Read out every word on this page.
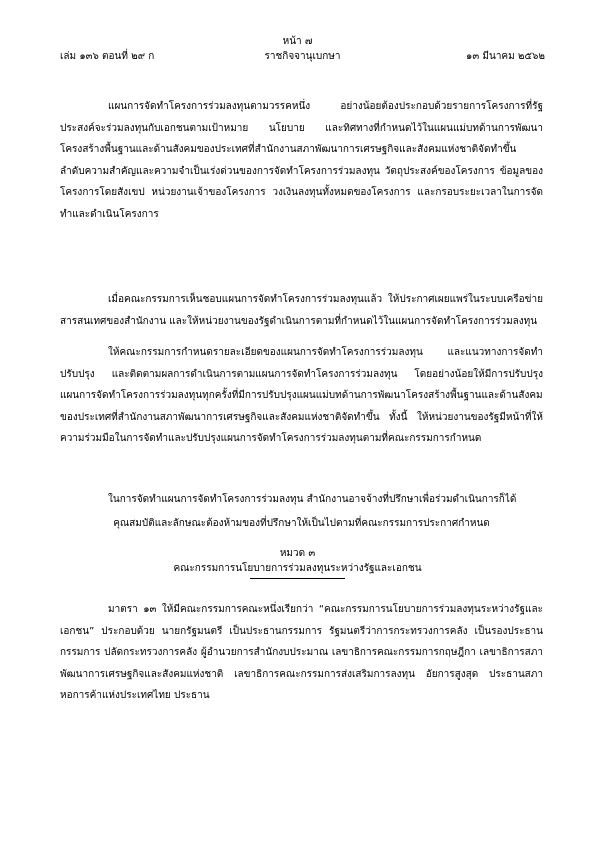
หน้า ๗
เล่ม ๑๓๖ ตอนที่ ๒๙ ก	ราชกิจจานุเบกษา	๑๓ มีนาคม ๒๕๖๒

แผนการจัดทำโครงการร่วมลงทุนตามวรรคหนึ่ง อย่างน้อยต้องประกอบด้วยรายการโครงการที่รัฐประสงค์จะร่วมลงทุนกับเอกชนตามเป้าหมาย นโยบาย และทิศทางที่กำหนดไว้ในแผนแม่บทด้านการพัฒนาโครงสร้างพื้นฐานและด้านสังคมของประเทศที่สำนักงานสภาพัฒนาการเศรษฐกิจและสังคมแห่งชาติจัดทำขึ้น ลำดับความสำคัญและความจำเป็นเร่งด่วนของการจัดทำโครงการร่วมลงทุน วัตถุประสงค์ของโครงการ ข้อมูลของโครงการโดยสังเขป หน่วยงานเจ้าของโครงการ วงเงินลงทุนทั้งหมดของโครงการ และกรอบระยะเวลาในการจัดทำและดำเนินโครงการ

เมื่อคณะกรรมการเห็นชอบแผนการจัดทำโครงการร่วมลงทุนแล้ว ให้ประกาศเผยแพร่ในระบบเครือข่ายสารสนเทศของสำนักงาน และให้หน่วยงานของรัฐดำเนินการตามที่กำหนดไว้ในแผนการจัดทำโครงการร่วมลงทุน

ให้คณะกรรมการกำหนดรายละเอียดของแผนการจัดทำโครงการร่วมลงทุน และแนวทางการจัดทำ ปรับปรุง และติดตามผลการดำเนินการตามแผนการจัดทำโครงการร่วมลงทุน โดยอย่างน้อยให้มีการปรับปรุงแผนการจัดทำโครงการร่วมลงทุนทุกครั้งที่มีการปรับปรุงแผนแม่บทด้านการพัฒนาโครงสร้างพื้นฐานและด้านสังคมของประเทศที่สำนักงานสภาพัฒนาการเศรษฐกิจและสังคมแห่งชาติจัดทำขึ้น ทั้งนี้ ให้หน่วยงานของรัฐมีหน้าที่ให้ความร่วมมือในการจัดทำและปรับปรุงแผนการจัดทำโครงการร่วมลงทุนตามที่คณะกรรมการกำหนด

ในการจัดทำแผนการจัดทำโครงการร่วมลงทุน สำนักงานอาจจ้างที่ปรึกษาเพื่อร่วมดำเนินการก็ได้

คุณสมบัติและลักษณะต้องห้ามของที่ปรึกษาให้เป็นไปตามที่คณะกรรมการประกาศกำหนด

หมวด ๓
คณะกรรมการนโยบายการร่วมลงทุนระหว่างรัฐและเอกชน

มาตรา ๑๓ ให้มีคณะกรรมการคณะหนึ่งเรียกว่า “คณะกรรมการนโยบายการร่วมลงทุนระหว่างรัฐและเอกชน” ประกอบด้วย นายกรัฐมนตรี เป็นประธานกรรมการ รัฐมนตรีว่าการกระทรวงการคลัง เป็นรองประธานกรรมการ ปลัดกระทรวงการคลัง ผู้อำนวยการสำนักงบประมาณ เลขาธิการคณะกรรมการกฤษฎีกา เลขาธิการสภาพัฒนาการเศรษฐกิจและสังคมแห่งชาติ เลขาธิการคณะกรรมการส่งเสริมการลงทุน อัยการสูงสุด ประธานสภาหอการค้าแห่งประเทศไทย ประธาน
